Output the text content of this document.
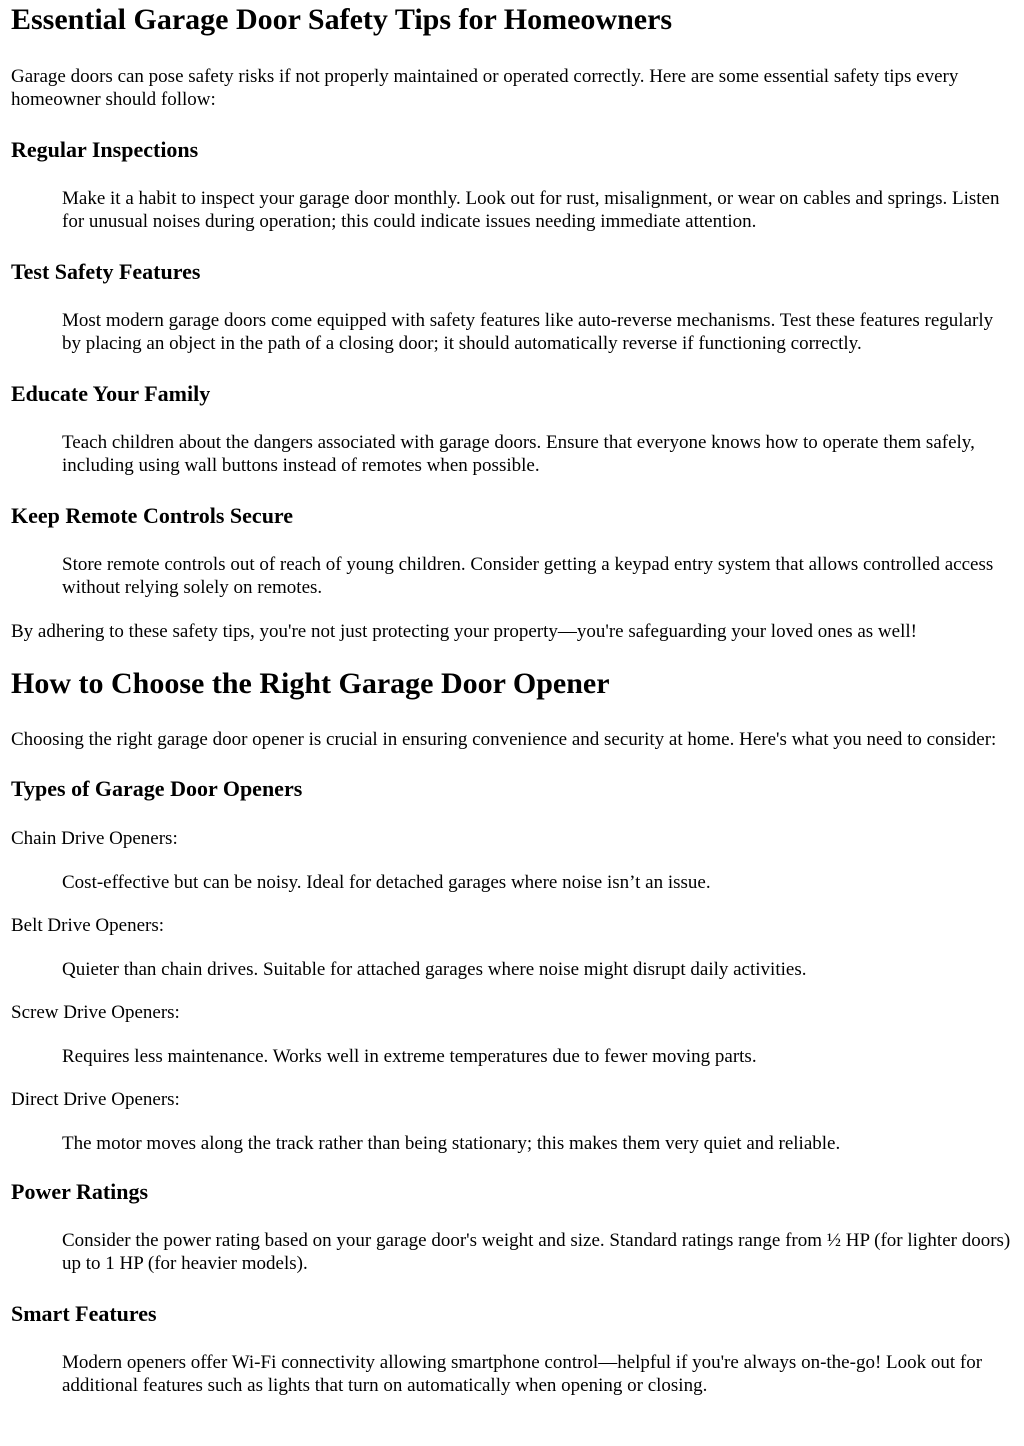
Essential Garage Door Safety Tips for Homeowners

Garage doors can pose safety risks if not properly maintained or operated correctly. Here are some essential safety tips every homeowner should follow:

Regular Inspections

Make it a habit to inspect your garage door monthly. Look out for rust, misalignment, or wear on cables and springs. Listen for unusual noises during operation; this could indicate issues needing immediate attention.

Test Safety Features

Most modern garage doors come equipped with safety features like auto-reverse mechanisms. Test these features regularly by placing an object in the path of a closing door; it should automatically reverse if functioning correctly.

Educate Your Family

Teach children about the dangers associated with garage doors. Ensure that everyone knows how to operate them safely, including using wall buttons instead of remotes when possible.

Keep Remote Controls Secure

Store remote controls out of reach of young children. Consider getting a keypad entry system that allows controlled access without relying solely on remotes.

By adhering to these safety tips, you're not just protecting your property—you're safeguarding your loved ones as well!

How to Choose the Right Garage Door Opener

Choosing the right garage door opener is crucial in ensuring convenience and security at home. Here's what you need to consider:

Types of Garage Door Openers

Chain Drive Openers:

Cost-effective but can be noisy. Ideal for detached garages where noise isn’t an issue.

Belt Drive Openers:

Quieter than chain drives. Suitable for attached garages where noise might disrupt daily activities.

Screw Drive Openers:

Requires less maintenance. Works well in extreme temperatures due to fewer moving parts.

Direct Drive Openers:

The motor moves along the track rather than being stationary; this makes them very quiet and reliable.

Power Ratings

Consider the power rating based on your garage door's weight and size. Standard ratings range from ½ HP (for lighter doors) up to 1 HP (for heavier models).

Smart Features

Modern openers offer Wi-Fi connectivity allowing smartphone control—helpful if you're always on-the-go! Look out for additional features such as lights that turn on automatically when opening or closing.
